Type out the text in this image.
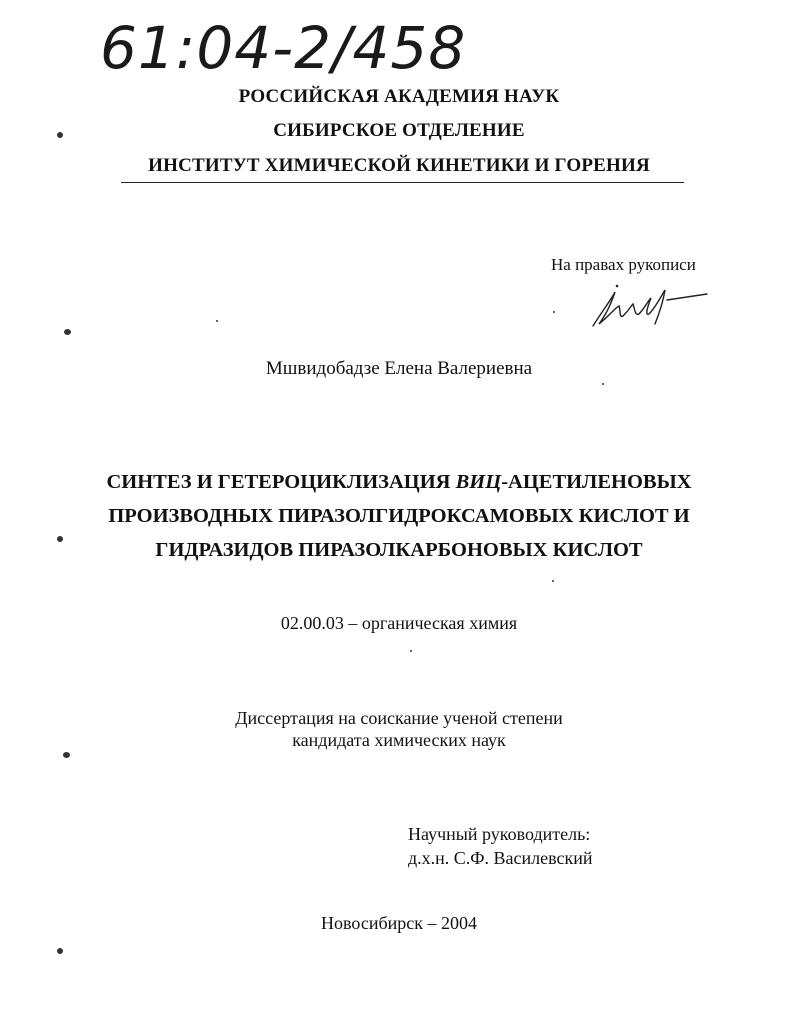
61:04-2/458
РОССИЙСКАЯ АКАДЕМИЯ НАУК
СИБИРСКОЕ ОТДЕЛЕНИЕ
ИНСТИТУТ ХИМИЧЕСКОЙ КИНЕТИКИ И ГОРЕНИЯ
На правах рукописи
Мшвидобадзе Елена Валериевна
СИНТЕЗ И ГЕТЕРОЦИКЛИЗАЦИЯ ВИЦ-АЦЕТИЛЕНОВЫХ
ПРОИЗВОДНЫХ ПИРАЗОЛГИДРОКСАМОВЫХ КИСЛОТ И
ГИДРАЗИДОВ ПИРАЗОЛКАРБОНОВЫХ КИСЛОТ
02.00.03 – органическая химия
Диссертация на соискание ученой степени
кандидата химических наук
Научный руководитель:
д.х.н. С.Ф. Василевский
Новосибирск – 2004
